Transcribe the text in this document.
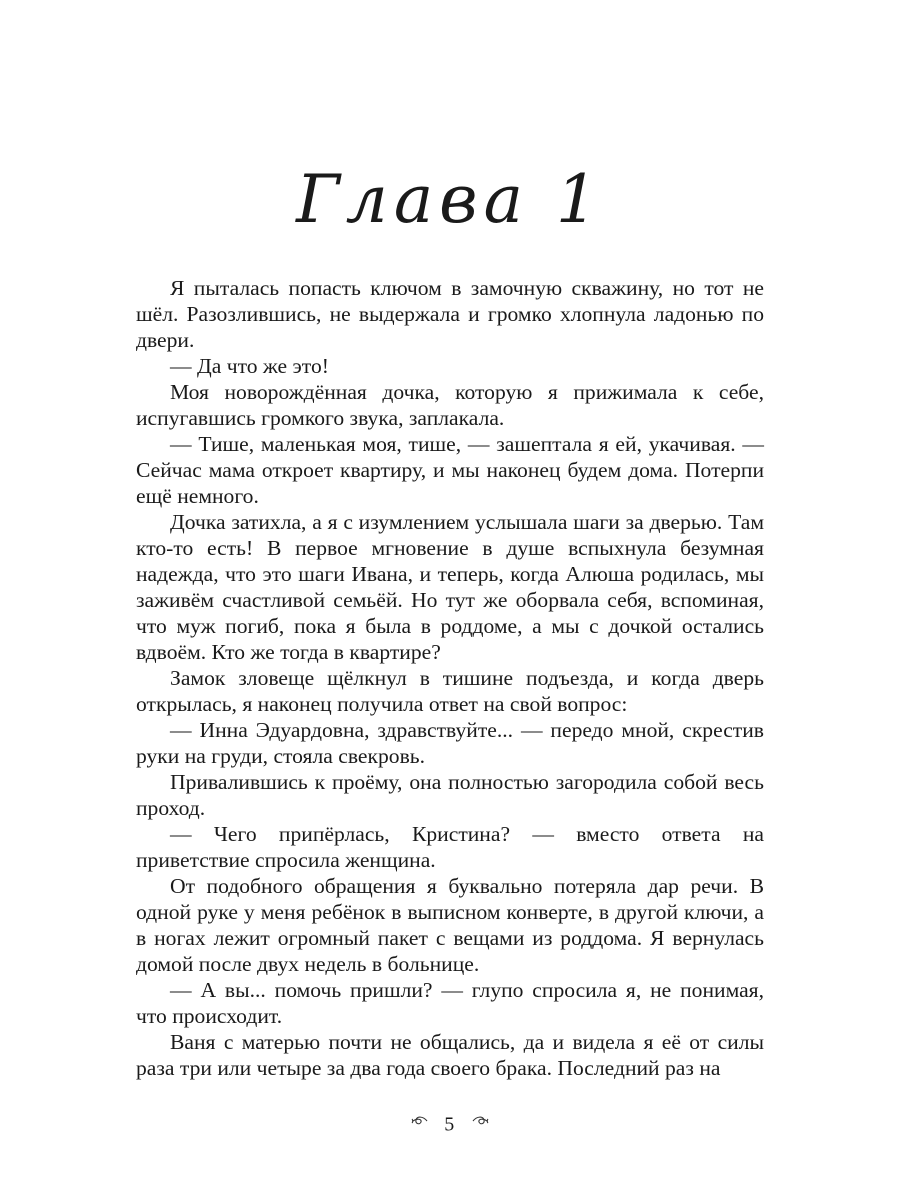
Глава 1

Я пыталась попасть ключом в замочную скважину, но тот не шёл. Разозлившись, не выдержала и громко хлопнула ладонью по двери.

— Да что же это!

Моя новорождённая дочка, которую я прижимала к себе, испугавшись громкого звука, заплакала.

— Тише, маленькая моя, тише, — зашептала я ей, укачивая. — Сейчас мама откроет квартиру, и мы наконец будем дома. Потерпи ещё немного.

Дочка затихла, а я с изумлением услышала шаги за дверью. Там кто-то есть! В первое мгновение в душе вспыхнула безумная надежда, что это шаги Ивана, и теперь, когда Алюша родилась, мы заживём счастливой семьёй. Но тут же оборвала себя, вспоминая, что муж погиб, пока я была в роддоме, а мы с дочкой остались вдвоём. Кто же тогда в квартире?

Замок зловеще щёлкнул в тишине подъезда, и когда дверь открылась, я наконец получила ответ на свой вопрос:

— Инна Эдуардовна, здравствуйте... — передо мной, скрестив руки на груди, стояла свекровь.

Привалившись к проёму, она полностью загородила собой весь проход.

— Чего припёрлась, Кристина? — вместо ответа на приветствие спросила женщина.

От подобного обращения я буквально потеряла дар речи. В одной руке у меня ребёнок в выписном конверте, в другой ключи, а в ногах лежит огромный пакет с вещами из роддома. Я вернулась домой после двух недель в больнице.

— А вы... помочь пришли? — глупо спросила я, не понимая, что происходит.

Ваня с матерью почти не общались, да и видела я её от силы раза три или четыре за два года своего брака. Последний раз на

5
